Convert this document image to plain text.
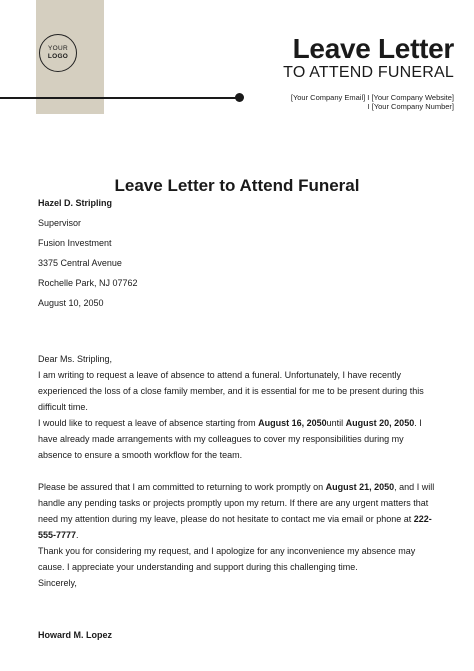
YOUR
LOGO	Leave Letter
TO ATTEND FUNERAL
[Your Company Email] I [Your Company Website]
I [Your Company Number]
Leave Letter to Attend Funeral
Hazel D. Stripling
Supervisor
Fusion Investment
3375 Central Avenue
Rochelle Park, NJ 07762
August 10, 2050

Dear Ms. Stripling,

I am writing to request a leave of absence to attend a funeral. Unfortunately, I have recently experienced the loss of a close family member, and it is essential for me to be present during this difficult time.

I would like to request a leave of absence starting from August 16, 2050until August 20, 2050. I have already made arrangements with my colleagues to cover my responsibilities during my absence to ensure a smooth workflow for the team.

Please be assured that I am committed to returning to work promptly on August 21, 2050, and I will handle any pending tasks or projects promptly upon my return. If there are any urgent matters that need my attention during my leave, please do not hesitate to contact me via email or phone at 222-555-7777.

Thank you for considering my request, and I apologize for any inconvenience my absence may cause. I appreciate your understanding and support during this challenging time.

Sincerely,

Howard M. Lopez
